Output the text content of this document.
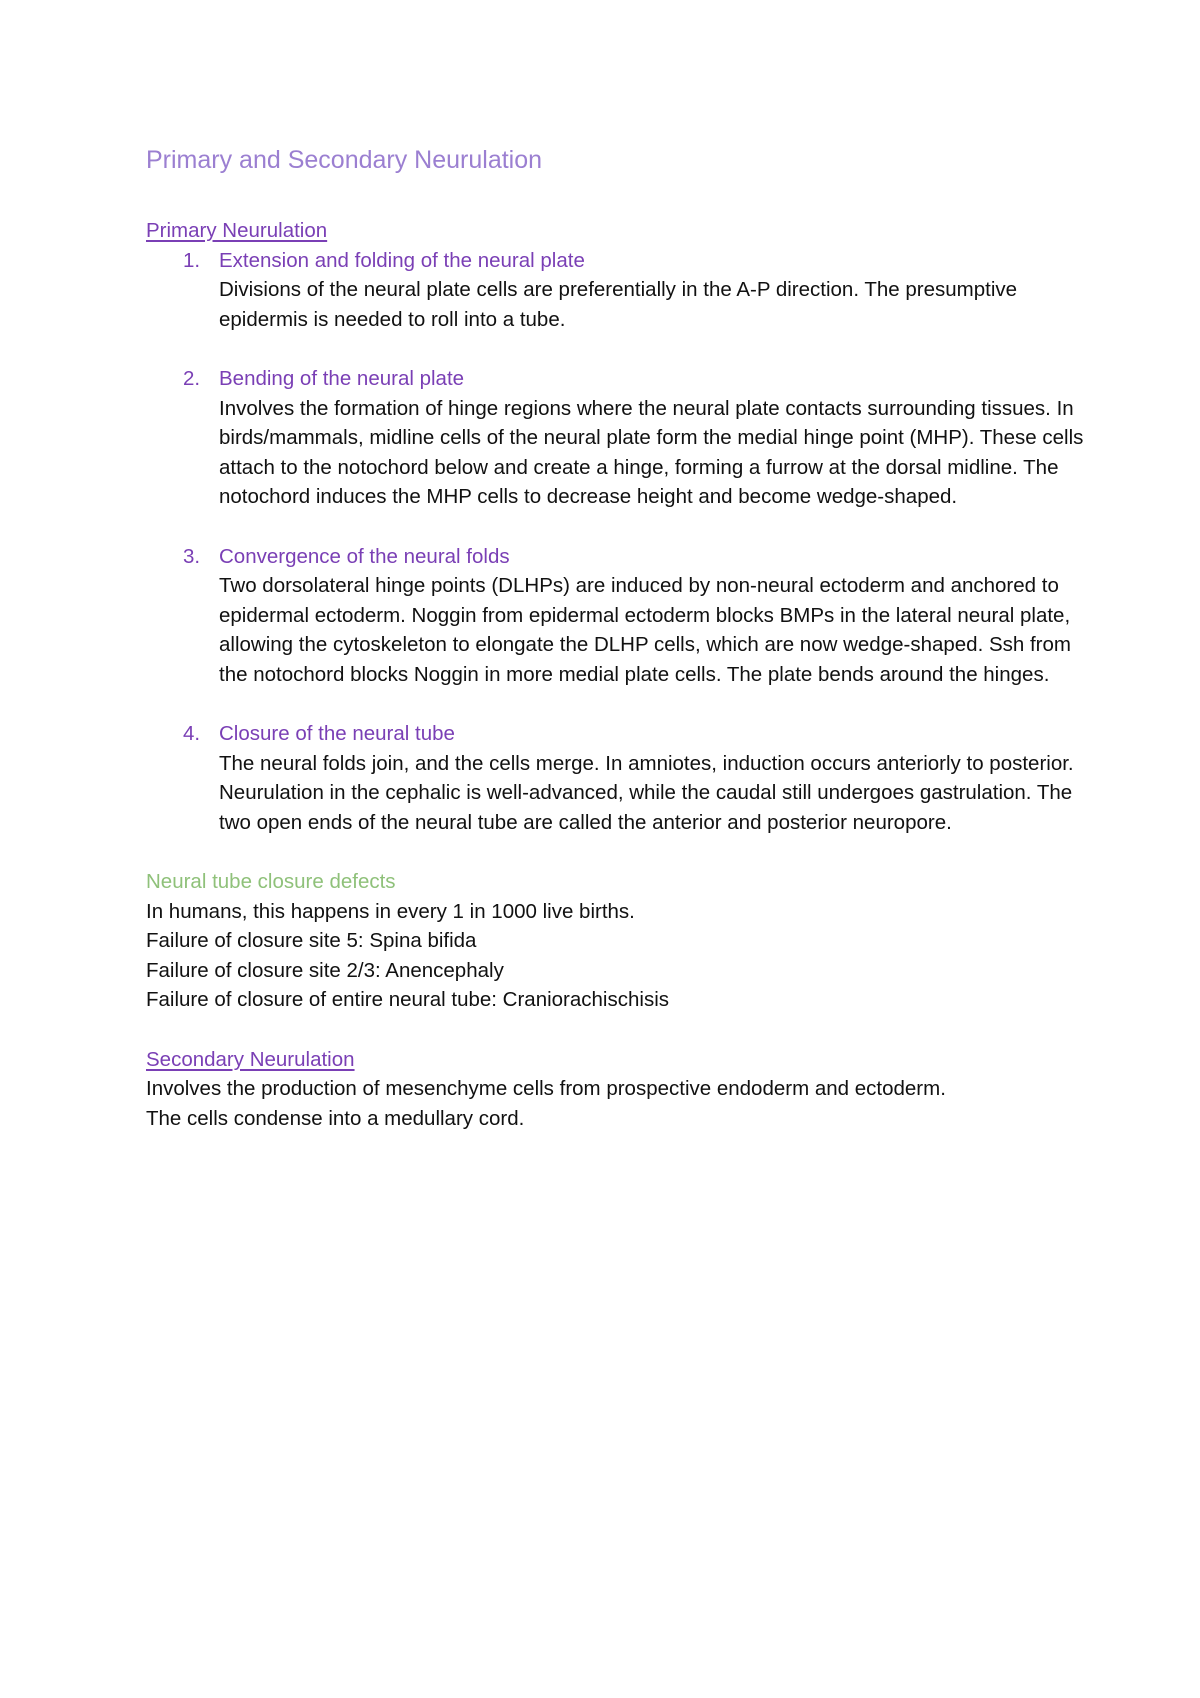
Primary and Secondary Neurulation

Primary Neurulation

1. Extension and folding of the neural plate

Divisions of the neural plate cells are preferentially in the A-P direction. The presumptive epidermis is needed to roll into a tube.

2. Bending of the neural plate

Involves the formation of hinge regions where the neural plate contacts surrounding tissues. In birds/mammals, midline cells of the neural plate form the medial hinge point (MHP). These cells attach to the notochord below and create a hinge, forming a furrow at the dorsal midline. The notochord induces the MHP cells to decrease height and become wedge-shaped.

3. Convergence of the neural folds

Two dorsolateral hinge points (DLHPs) are induced by non-neural ectoderm and anchored to epidermal ectoderm. Noggin from epidermal ectoderm blocks BMPs in the lateral neural plate, allowing the cytoskeleton to elongate the DLHP cells, which are now wedge-shaped. Ssh from the notochord blocks Noggin in more medial plate cells. The plate bends around the hinges.

4. Closure of the neural tube

The neural folds join, and the cells merge. In amniotes, induction occurs anteriorly to posterior. Neurulation in the cephalic is well-advanced, while the caudal still undergoes gastrulation. The two open ends of the neural tube are called the anterior and posterior neuropore.

Neural tube closure defects

In humans, this happens in every 1 in 1000 live births.

Failure of closure site 5: Spina bifida

Failure of closure site 2/3: Anencephaly

Failure of closure of entire neural tube: Craniorachischisis

Secondary Neurulation

Involves the production of mesenchyme cells from prospective endoderm and ectoderm.

The cells condense into a medullary cord.
